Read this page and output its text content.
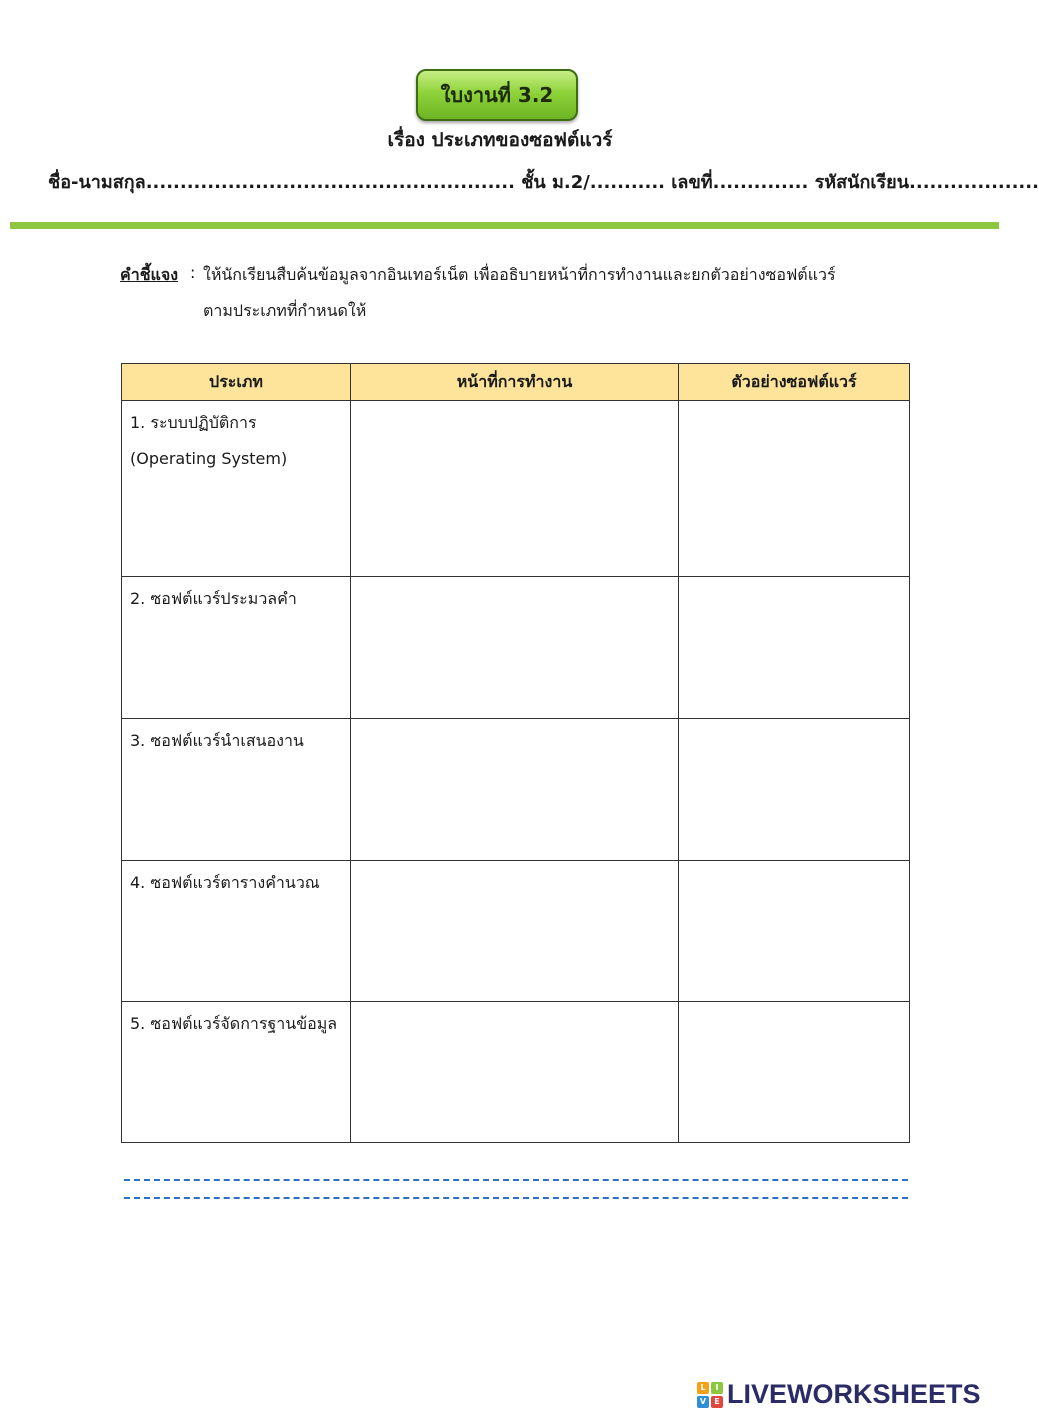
ใบงานที่ 3.2
เรื่อง ประเภทของซอฟต์แวร์
ชื่อ-นามสกุล...................................................... ชั้น ม.2/........... เลขที่.............. รหัสนักเรียน...................
คำชี้แจง : ให้นักเรียนสืบค้นข้อมูลจากอินเทอร์เน็ต เพื่ออธิบายหน้าที่การทำงานและยกตัวอย่างซอฟต์แวร์
ตามประเภทที่กำหนดให้
ประเภท	หน้าที่การทำงาน	ตัวอย่างซอฟต์แวร์

1. ระบบปฏิบัติการ
(Operating System)		

2. ซอฟต์แวร์ประมวลคำ		

3. ซอฟต์แวร์นำเสนองาน		

4. ซอฟต์แวร์ตารางคำนวณ		

5. ซอฟต์แวร์จัดการฐานข้อมูล		

L	I
V	E LIVEWORKSHEETS
